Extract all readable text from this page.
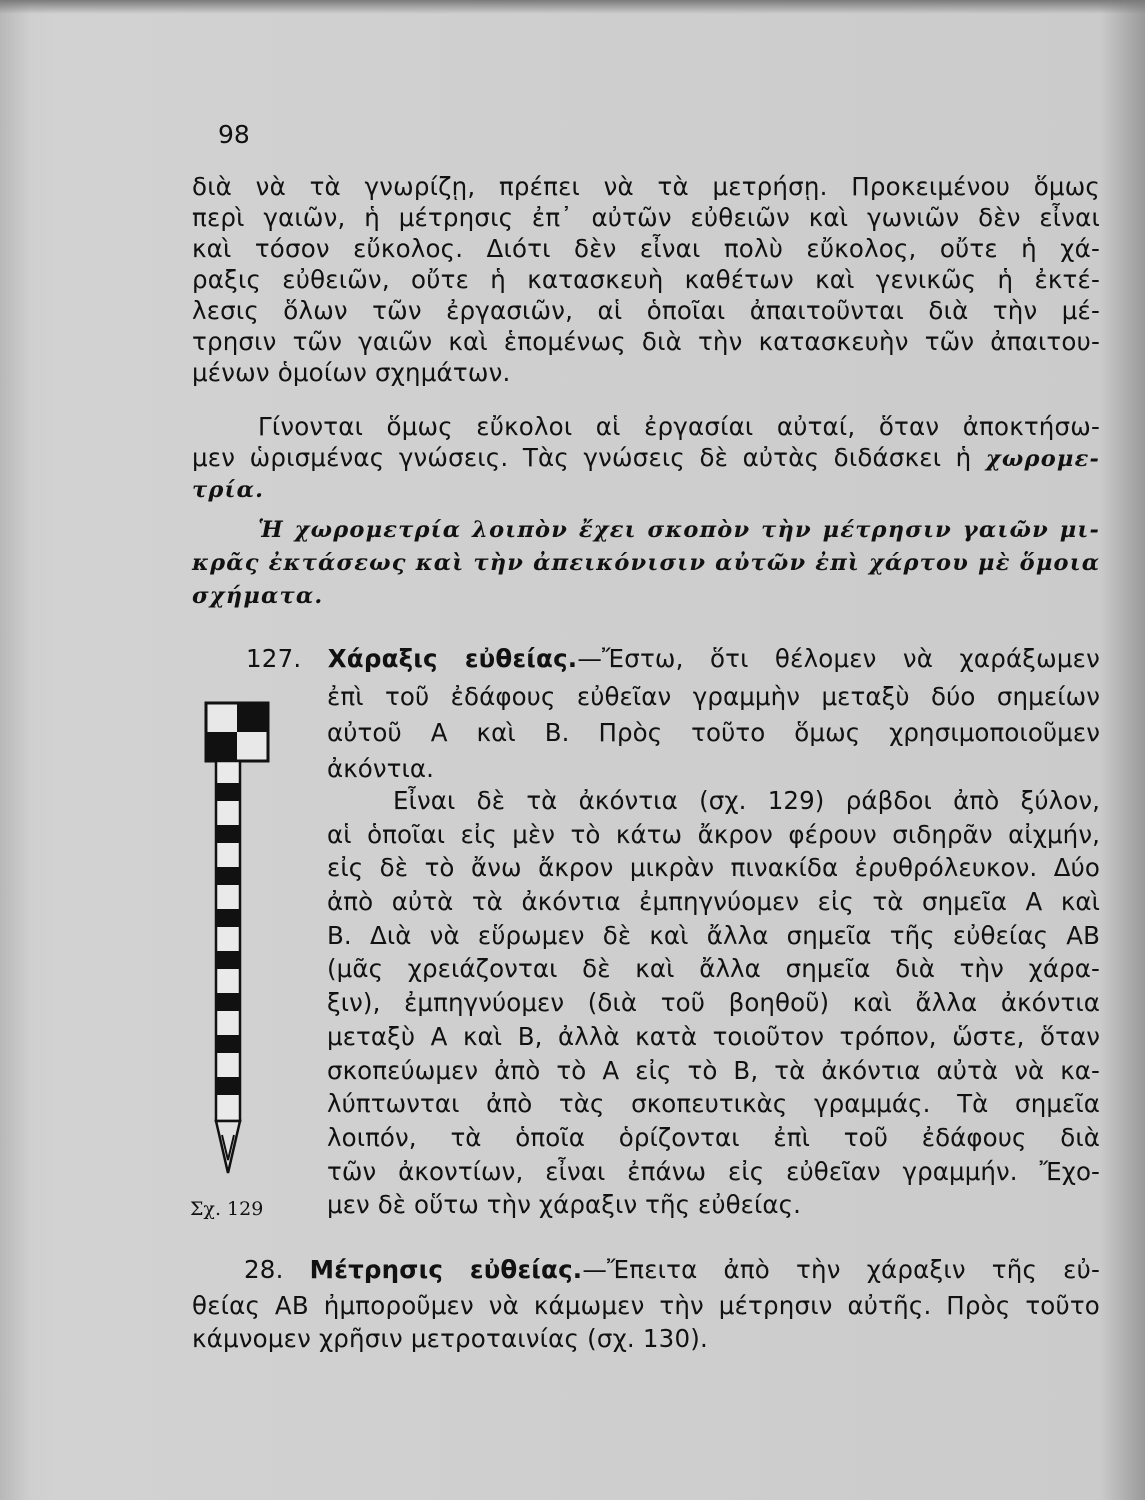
98
διὰ νὰ τὰ γνωρίζῃ, πρέπει νὰ τὰ μετρήσῃ. Προκειμένου ὅμως
περὶ γαιῶν, ἡ μέτρησις ἐπ᾿ αὐτῶν εὐθειῶν καὶ γωνιῶν δὲν εἶναι
καὶ τόσον εὔκολος. Διότι δὲν εἶναι πολὺ εὔκολος, οὔτε ἡ χά-
ραξις εὐθειῶν, οὔτε ἡ κατασκευὴ καθέτων καὶ γενικῶς ἡ ἐκτέ-
λεσις ὅλων τῶν ἐργασιῶν, αἱ ὁποῖαι ἀπαιτοῦνται διὰ τὴν μέ-
τρησιν τῶν γαιῶν καὶ ἑπομένως διὰ τὴν κατασκευὴν τῶν ἀπαιτου-
μένων ὁμοίων σχημάτων.
Γίνονται ὅμως εὔκολοι αἱ ἐργασίαι αὐταί, ὅταν ἀποκτήσω-
μεν ὡρισμένας γνώσεις. Τὰς γνώσεις δὲ αὐτὰς διδάσκει ἡ χωρομε-
τρία.
Ἡ χωρομετρία λοιπὸν ἔχει σκοπὸν τὴν μέτρησιν γαιῶν μι-
κρᾶς ἐκτάσεως καὶ τὴν ἀπεικόνισιν αὐτῶν ἐπὶ χάρτου μὲ ὅμοια
σχήματα.
127. Χάραξις εὐθείας.—Ἔστω, ὅτι θέλομεν νὰ χαράξωμεν
ἐπὶ τοῦ ἐδάφους εὐθεῖαν γραμμὴν μεταξὺ δύο σημείων
αὐτοῦ Α καὶ Β. Πρὸς τοῦτο ὅμως χρησιμοποιοῦμεν
ἀκόντια.
Εἶναι δὲ τὰ ἀκόντια (σχ. 129) ράβδοι ἀπὸ ξύλον,
αἱ ὁποῖαι εἰς μὲν τὸ κάτω ἄκρον φέρουν σιδηρᾶν αἰχμήν,
εἰς δὲ τὸ ἄνω ἄκρον μικρὰν πινακίδα ἐρυθρόλευκον. Δύο
ἀπὸ αὐτὰ τὰ ἀκόντια ἐμπηγνύομεν εἰς τὰ σημεῖα Α καὶ
Β. Διὰ νὰ εὕρωμεν δὲ καὶ ἄλλα σημεῖα τῆς εὐθείας ΑΒ
(μᾶς χρειάζονται δὲ καὶ ἄλλα σημεῖα διὰ τὴν χάρα-
ξιν), ἐμπηγνύομεν (διὰ τοῦ βοηθοῦ) καὶ ἄλλα ἀκόντια
μεταξὺ Α καὶ Β, ἀλλὰ κατὰ τοιοῦτον τρόπον, ὥστε, ὅταν
σκοπεύωμεν ἀπὸ τὸ Α εἰς τὸ Β, τὰ ἀκόντια αὐτὰ νὰ κα-
λύπτωνται ἀπὸ τὰς σκοπευτικὰς γραμμάς. Τὰ σημεῖα
λοιπόν, τὰ ὁποῖα ὁρίζονται ἐπὶ τοῦ ἐδάφους διὰ
τῶν ἀκοντίων, εἶναι ἐπάνω εἰς εὐθεῖαν γραμμήν. Ἔχο-
μεν δὲ οὕτω τὴν χάραξιν τῆς εὐθείας.
Σχ. 129
28. Μέτρησις εὐθείας.—Ἔπειτα ἀπὸ τὴν χάραξιν τῆς εὐ-
θείας ΑΒ ἠμποροῦμεν νὰ κάμωμεν τὴν μέτρησιν αὐτῆς. Πρὸς τοῦτο
κάμνομεν χρῆσιν μετροταινίας (σχ. 130).
